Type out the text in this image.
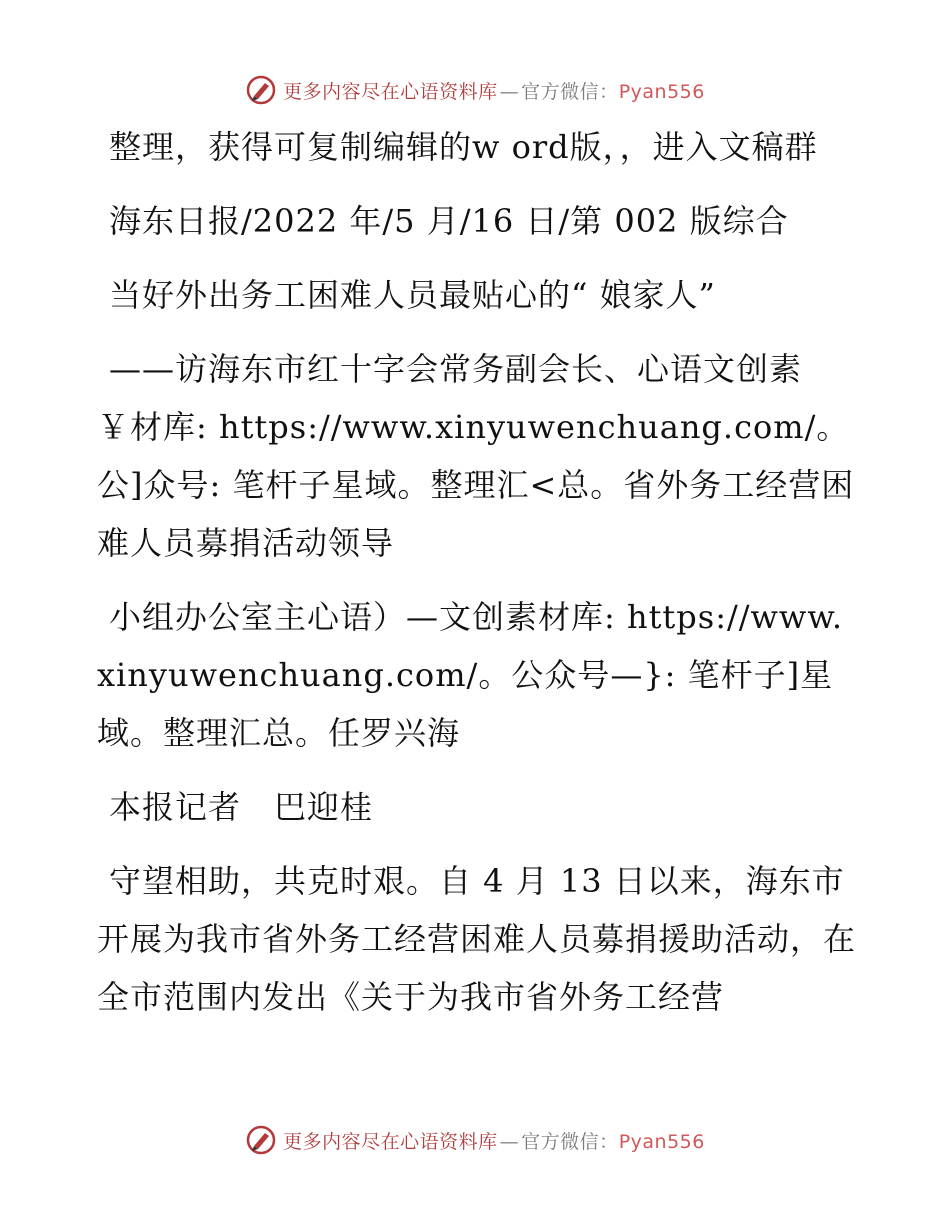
更多内容尽在心语资料库 — 官方微信：Pyan556

整理，获得可复制编辑的w ord版，，进入文稿群

海东日报/2022 年/5 月/16 日/第 002 版综合

当好外出务工困难人员最贴心的“ 娘家人”

——访海东市红十字会常务副会长、心语文创素￥材库: https://www.xinyuwenchuang.com/。公]众号: 笔杆子星域。整理汇<总。省外务工经营困难人员募捐活动领导

小组办公室主心语）—文创素材库: https://www.xinyuwenchuang.com/。公众号—}: 笔杆子]星域。整理汇总。任罗兴海

本报记者　巴迎桂

守望相助，共克时艰。自 4 月 13 日以来，海东市开展为我市省外务工经营困难人员募捐援助活动，在全市范围内发出《关于为我市省外务工经营

更多内容尽在心语资料库 — 官方微信：Pyan556
